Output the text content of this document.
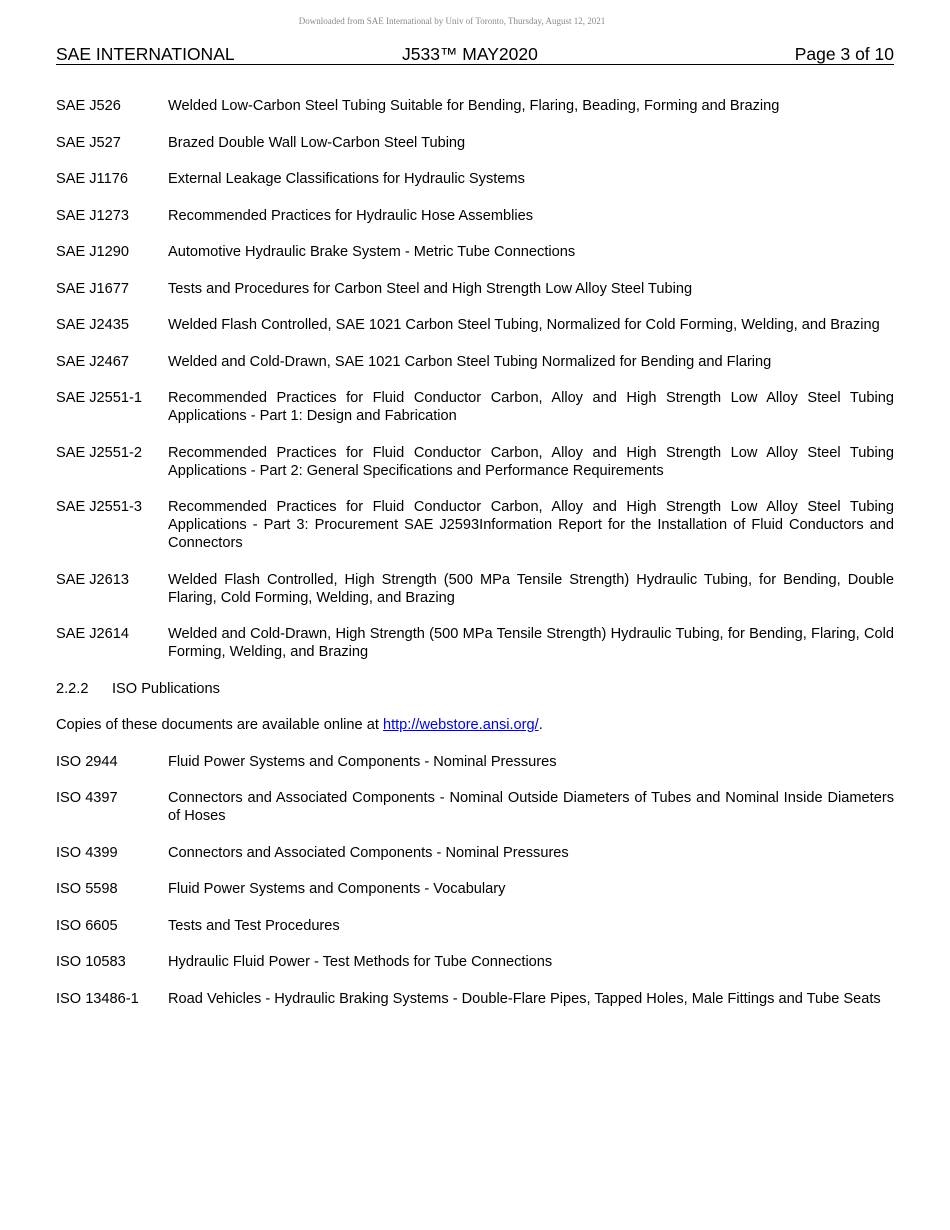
Downloaded from SAE International by Univ of Toronto, Thursday, August 12, 2021
SAE INTERNATIONAL	J533™ MAY2020	Page 3 of 10
SAE J526	Welded Low-Carbon Steel Tubing Suitable for Bending, Flaring, Beading, Forming and Brazing
SAE J527	Brazed Double Wall Low-Carbon Steel Tubing
SAE J1176	External Leakage Classifications for Hydraulic Systems
SAE J1273	Recommended Practices for Hydraulic Hose Assemblies
SAE J1290	Automotive Hydraulic Brake System - Metric Tube Connections
SAE J1677	Tests and Procedures for Carbon Steel and High Strength Low Alloy Steel Tubing
SAE J2435	Welded Flash Controlled, SAE 1021 Carbon Steel Tubing, Normalized for Cold Forming, Welding, and Brazing
SAE J2467	Welded and Cold-Drawn, SAE 1021 Carbon Steel Tubing Normalized for Bending and Flaring
SAE J2551-1	Recommended Practices for Fluid Conductor Carbon, Alloy and High Strength Low Alloy Steel Tubing Applications - Part 1: Design and Fabrication
SAE J2551-2	Recommended Practices for Fluid Conductor Carbon, Alloy and High Strength Low Alloy Steel Tubing Applications - Part 2: General Specifications and Performance Requirements
SAE J2551-3	Recommended Practices for Fluid Conductor Carbon, Alloy and High Strength Low Alloy Steel Tubing Applications - Part 3: Procurement SAE J2593Information Report for the Installation of Fluid Conductors and Connectors
SAE J2613	Welded Flash Controlled, High Strength (500 MPa Tensile Strength) Hydraulic Tubing, for Bending, Double Flaring, Cold Forming, Welding, and Brazing
SAE J2614	Welded and Cold-Drawn, High Strength (500 MPa Tensile Strength) Hydraulic Tubing, for Bending, Flaring, Cold Forming, Welding, and Brazing
2.2.2	ISO Publications
Copies of these documents are available online at http://webstore.ansi.org/.
ISO 2944	Fluid Power Systems and Components - Nominal Pressures
ISO 4397	Connectors and Associated Components - Nominal Outside Diameters of Tubes and Nominal Inside Diameters of Hoses
ISO 4399	Connectors and Associated Components - Nominal Pressures
ISO 5598	Fluid Power Systems and Components - Vocabulary
ISO 6605	Tests and Test Procedures
ISO 10583	Hydraulic Fluid Power - Test Methods for Tube Connections
ISO 13486-1	Road Vehicles - Hydraulic Braking Systems - Double-Flare Pipes, Tapped Holes, Male Fittings and Tube Seats
